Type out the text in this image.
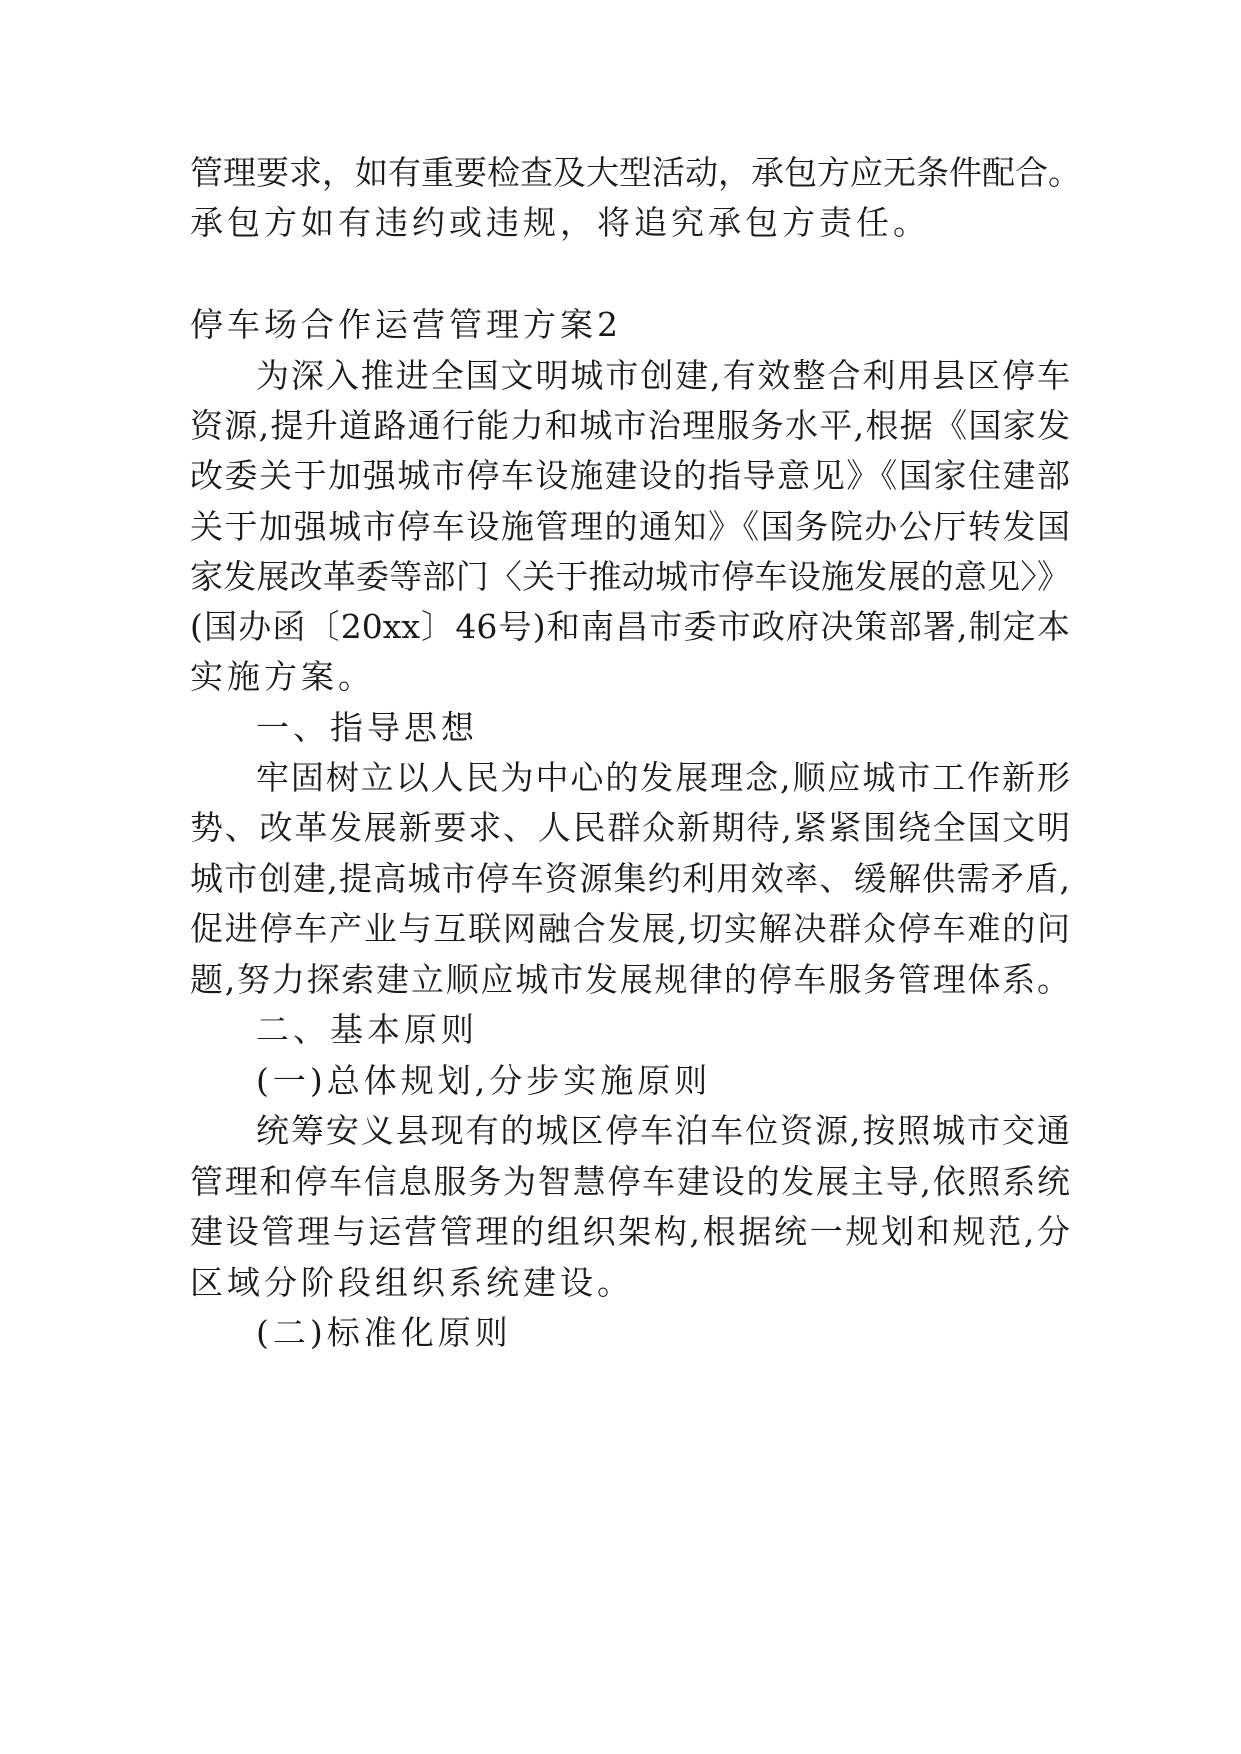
管理要求，如有重要检查及大型活动，承包方应无条件配合。
承包方如有违约或违规，将追究承包方责任。
停车场合作运营管理方案2
为深入推进全国文明城市创建,有效整合利用县区停车
资源,提升道路通行能力和城市治理服务水平,根据《国家发
改委关于加强城市停车设施建设的指导意见》《国家住建部
关于加强城市停车设施管理的通知》《国务院办公厅转发国
家发展改革委等部门〈关于推动城市停车设施发展的意见〉》
(国办函〔20xx〕46号)和南昌市委市政府决策部署,制定本
实施方案。
一、指导思想
牢固树立以人民为中心的发展理念,顺应城市工作新形
势、改革发展新要求、人民群众新期待,紧紧围绕全国文明
城市创建,提高城市停车资源集约利用效率、缓解供需矛盾,
促进停车产业与互联网融合发展,切实解决群众停车难的问
题,努力探索建立顺应城市发展规律的停车服务管理体系。
二、基本原则
(一)总体规划,分步实施原则
统筹安义县现有的城区停车泊车位资源,按照城市交通
管理和停车信息服务为智慧停车建设的发展主导,依照系统
建设管理与运营管理的组织架构,根据统一规划和规范,分
区域分阶段组织系统建设。
(二)标准化原则
